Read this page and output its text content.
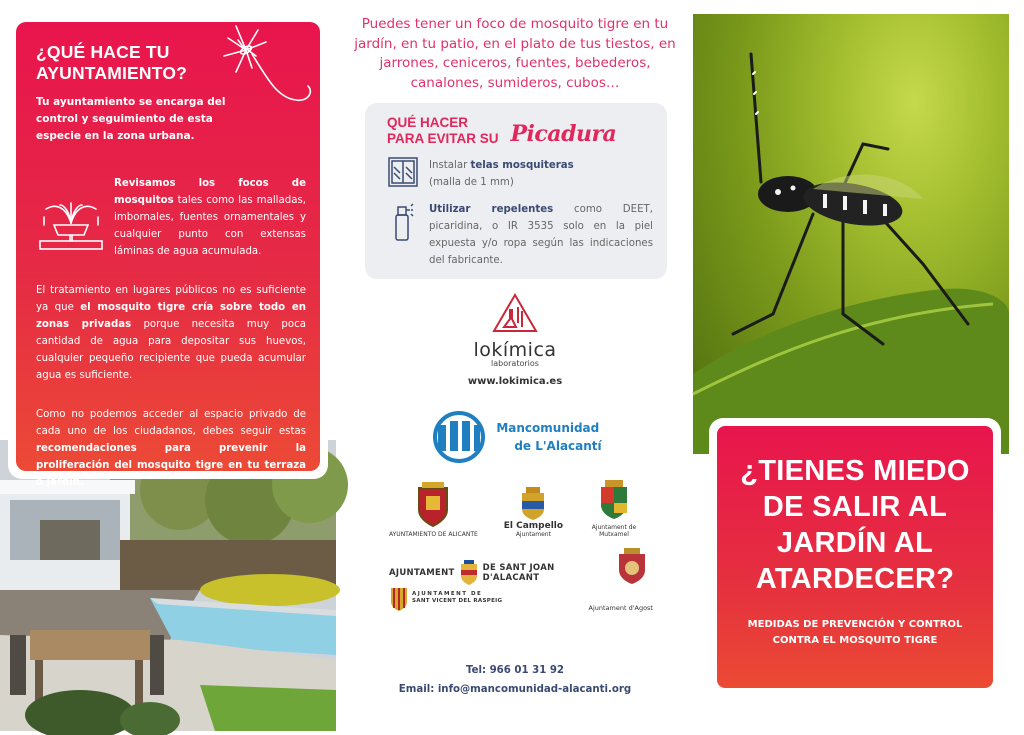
¿QUÉ HACE TU AYUNTAMIENTO?

Tu ayuntamiento se encarga del control y seguimiento de esta especie en la zona urbana.

Revisamos los focos de mosquitos tales como las malladas, imbornales, fuentes ornamentales y cualquier punto con extensas láminas de agua acumulada.

El tratamiento en lugares públicos no es suficiente ya que el mosquito tigre cría sobre todo en zonas privadas porque necesita muy poca cantidad de agua para depositar sus huevos, cualquier pequeño recipiente que pueda acumular agua es suficiente.

Como no podemos acceder al espacio privado de cada uno de los ciudadanos, debes seguir estas recomendaciones para prevenir la proliferación del mosquito tigre en tu terraza o jardín.

Puedes tener un foco de mosquito tigre en tu jardín, en tu patio, en el plato de tus tiestos, en jarrones, ceniceros, fuentes, bebederos, canalones, sumideros, cubos…

QUÉ HACER
PARA EVITAR SU Picadura

Instalar telas mosquiteras
(malla de 1 mm)

Utilizar repelentes como DEET, picaridina, o IR 3535 solo en la piel expuesta y/o ropa según las indicaciones del fabricante.

lokímica
laboratorios
www.lokimica.es
Mancomunidad
de L'Alacantí
AYUNTAMIENTO DE ALICANTE
El Campello
Ajuntament
Ajuntament de Mutxamel
AJUNTAMENT	DE SANT JOAN
D'ALACANT
AJUNTAMENT DE
SANT VICENT DEL RASPEIG
Ajuntament d'Agost
Tel: 966 01 31 92
Email: info@mancomunidad-alacanti.org
¿TIENES MIEDO
DE SALIR AL
JARDÍN AL
ATARDECER?
MEDIDAS DE PREVENCIÓN Y CONTROL CONTRA EL MOSQUITO TIGRE
